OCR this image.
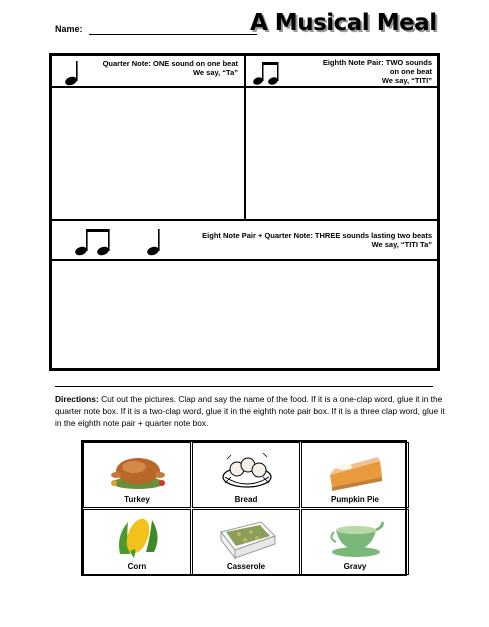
Name:	A Musical Meal
Quarter Note: ONE sound on one beat
We say, “Ta”
Eighth Note Pair: TWO sounds
on one beat
We say, “TITI”
Eight Note Pair + Quarter Note: THREE sounds lasting two beats
We say, “TITI Ta”
Directions: Cut out the pictures. Clap and say the name of the food. If it is a one-clap word, glue it in the quarter note box. If it is a two-clap word, glue it in the eighth note pair box. If it is a three clap word, glue it in the eighth note pair + quarter note box.
Turkey	Bread	Pumpkin Pie
Corn	Casserole	Gravy
